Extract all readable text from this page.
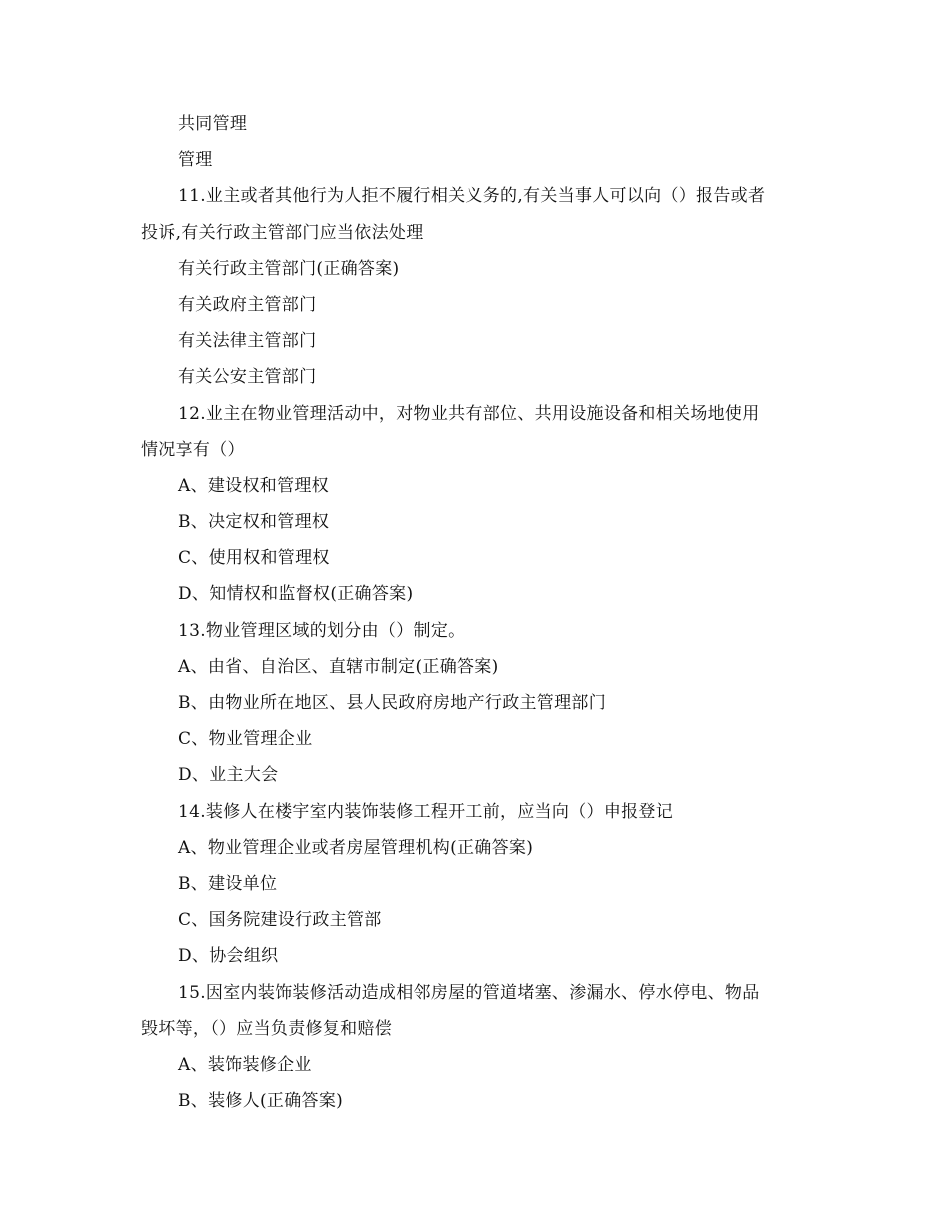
共同管理
管理
11.业主或者其他行为人拒不履行相关义务的,有关当事人可以向（）报告或者
投诉,有关行政主管部门应当依法处理
有关行政主管部门(正确答案)
有关政府主管部门
有关法律主管部门
有关公安主管部门
12.业主在物业管理活动中，对物业共有部位、共用设施设备和相关场地使用
情况享有（）
A、建设权和管理权
B、决定权和管理权
C、使用权和管理权
D、知情权和监督权(正确答案)
13.物业管理区域的划分由（）制定。
A、由省、自治区、直辖市制定(正确答案)
B、由物业所在地区、县人民政府房地产行政主管理部门
C、物业管理企业
D、业主大会
14.装修人在楼宇室内装饰装修工程开工前，应当向（）申报登记
A、物业管理企业或者房屋管理机构(正确答案)
B、建设单位
C、国务院建设行政主管部
D、协会组织
15.因室内装饰装修活动造成相邻房屋的管道堵塞、渗漏水、停水停电、物品
毁坏等，（）应当负责修复和赔偿
A、装饰装修企业
B、装修人(正确答案)
